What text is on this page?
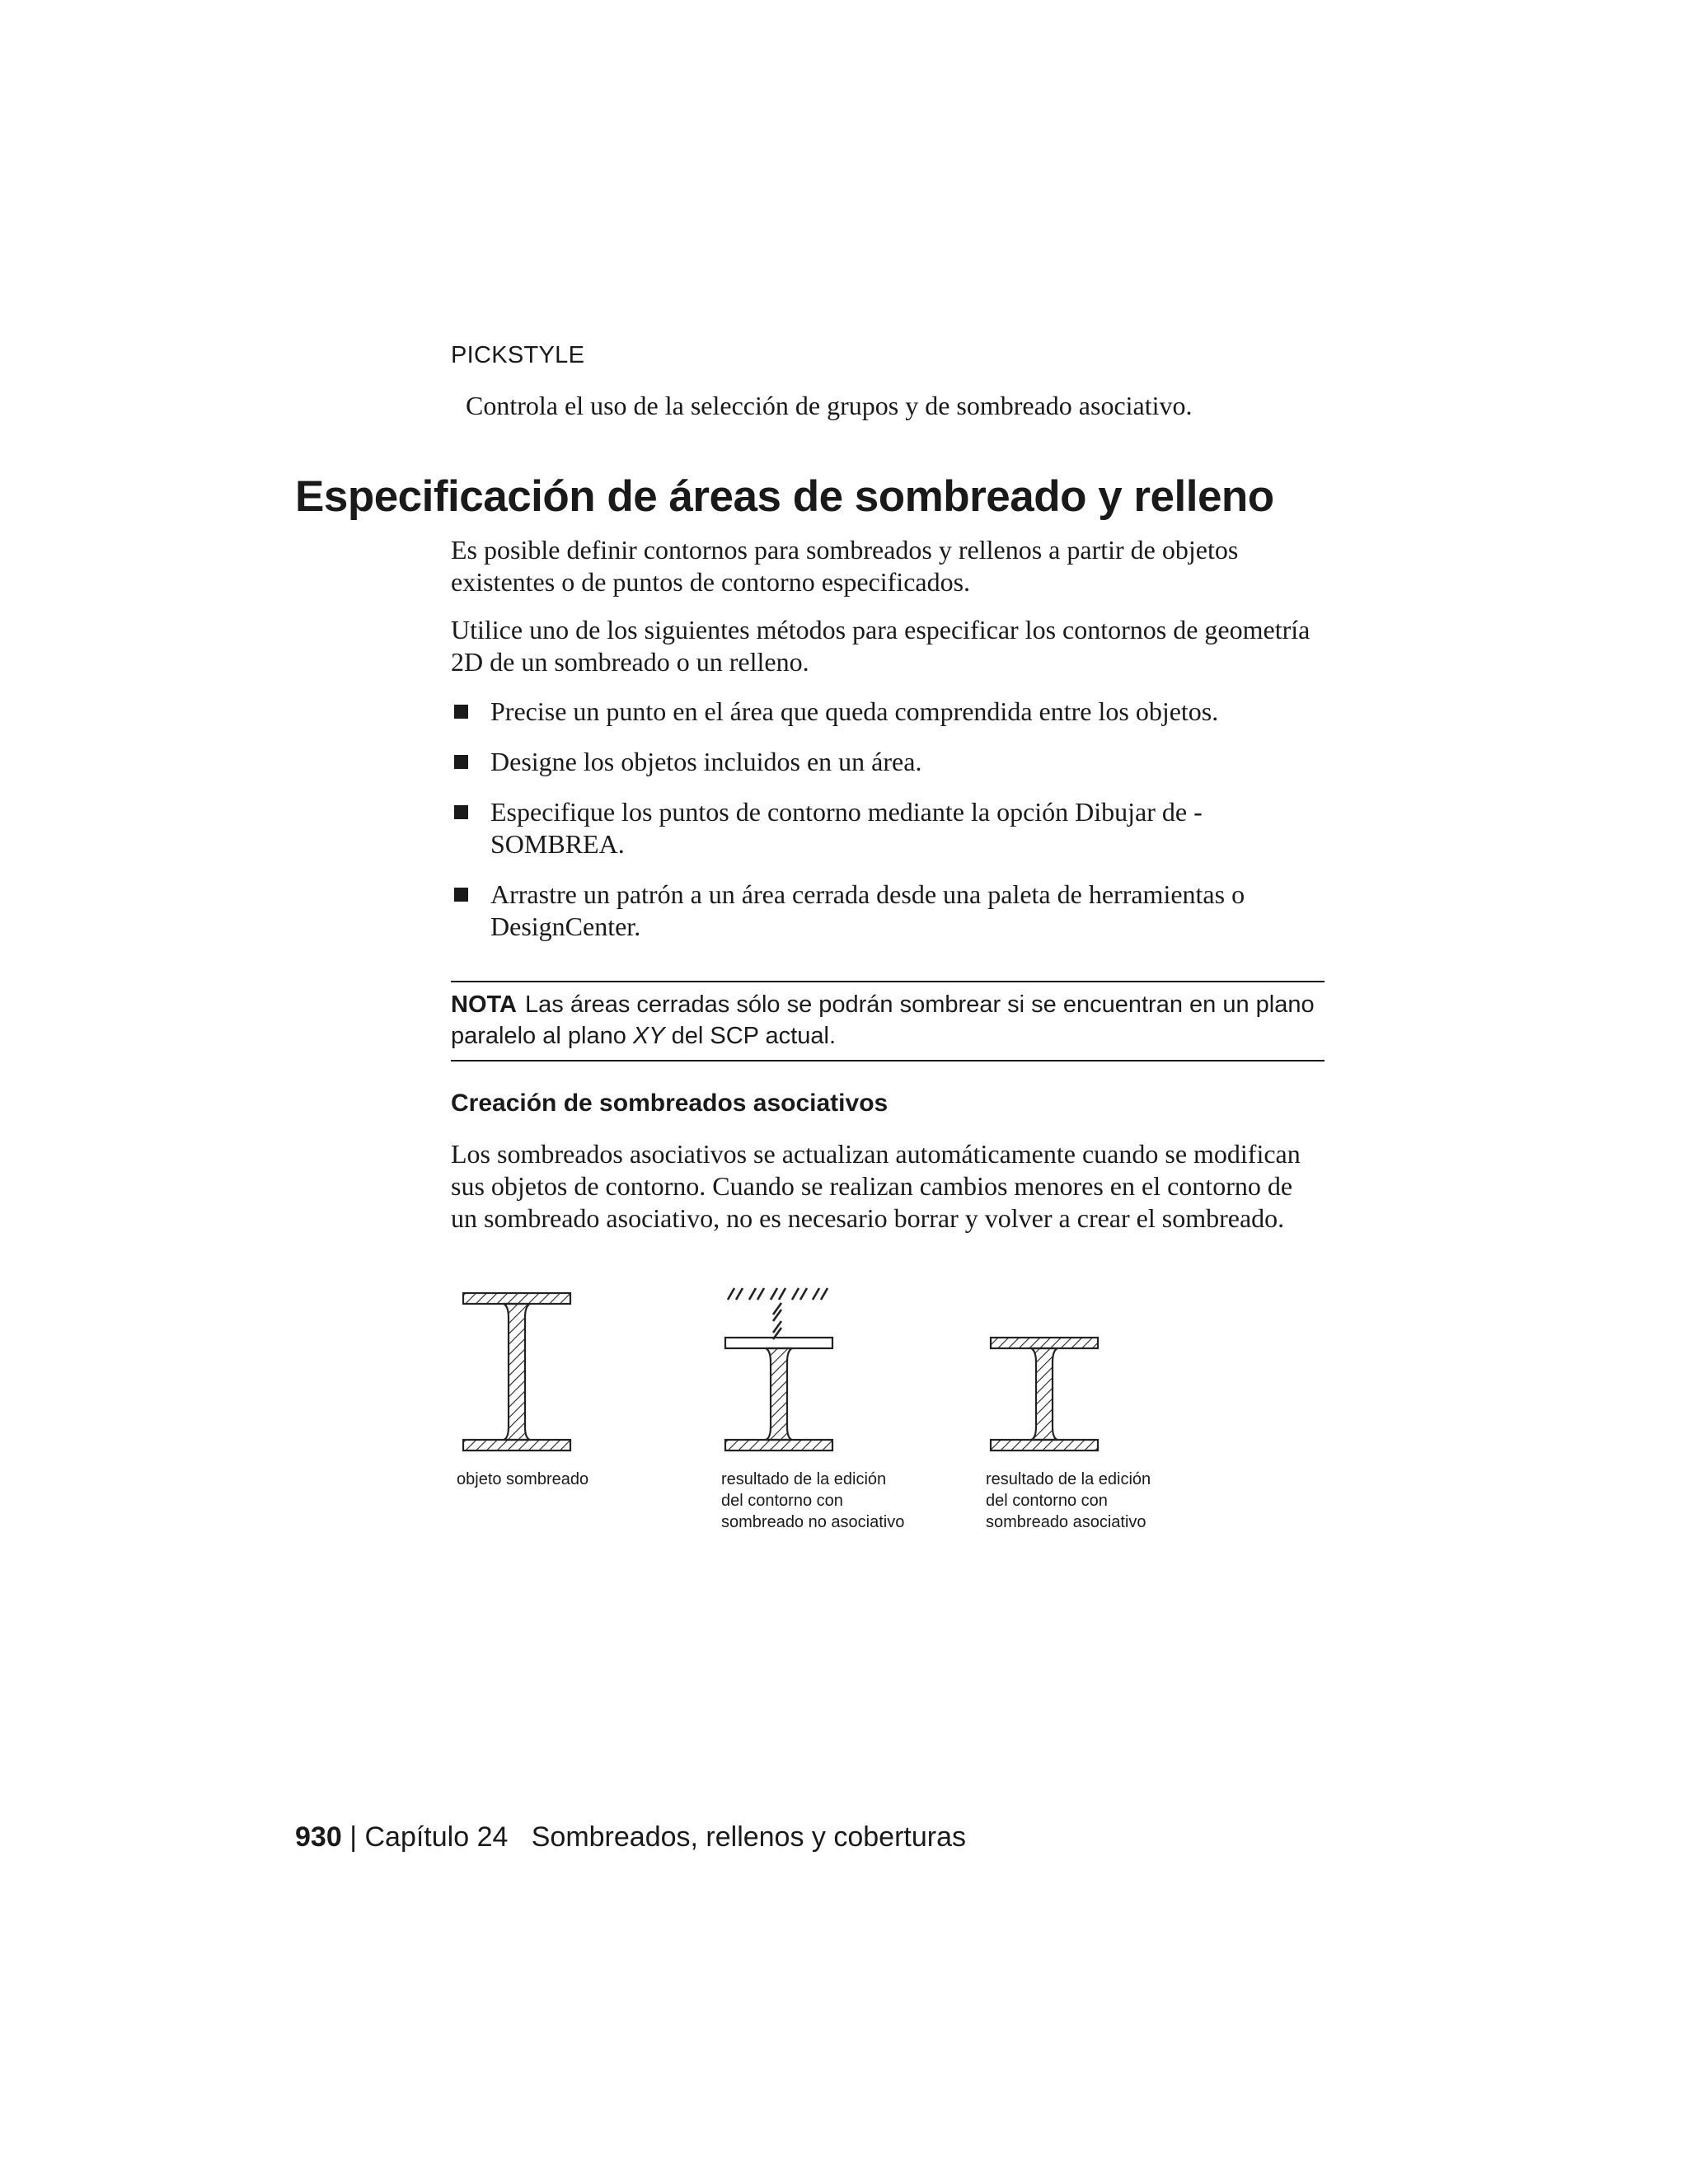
PICKSTYLE

Controla el uso de la selección de grupos y de sombreado asociativo.

Especificación de áreas de sombreado y relleno

Es posible definir contornos para sombreados y rellenos a partir de objetos existentes o de puntos de contorno especificados.

Utilice uno de los siguientes métodos para especificar los contornos de geometría 2D de un sombreado o un relleno.

Precise un punto en el área que queda comprendida entre los objetos.
Designe los objetos incluidos en un área.
Especifique los puntos de contorno mediante la opción Dibujar de -SOMBREA.
Arrastre un patrón a un área cerrada desde una paleta de herramientas o DesignCenter.
NOTA Las áreas cerradas sólo se podrán sombrear si se encuentran en un plano paralelo al plano XY del SCP actual.
Creación de sombreados asociativos

Los sombreados asociativos se actualizan automáticamente cuando se modifican sus objetos de contorno. Cuando se realizan cambios menores en el contorno de un sombreado asociativo, no es necesario borrar y volver a crear el sombreado.

objeto sombreado	resultado de la edición
del contorno con
sombreado no asociativo
resultado de la edición
del contorno con
sombreado asociativo

930 | Capítulo 24 Sombreados, rellenos y coberturas
